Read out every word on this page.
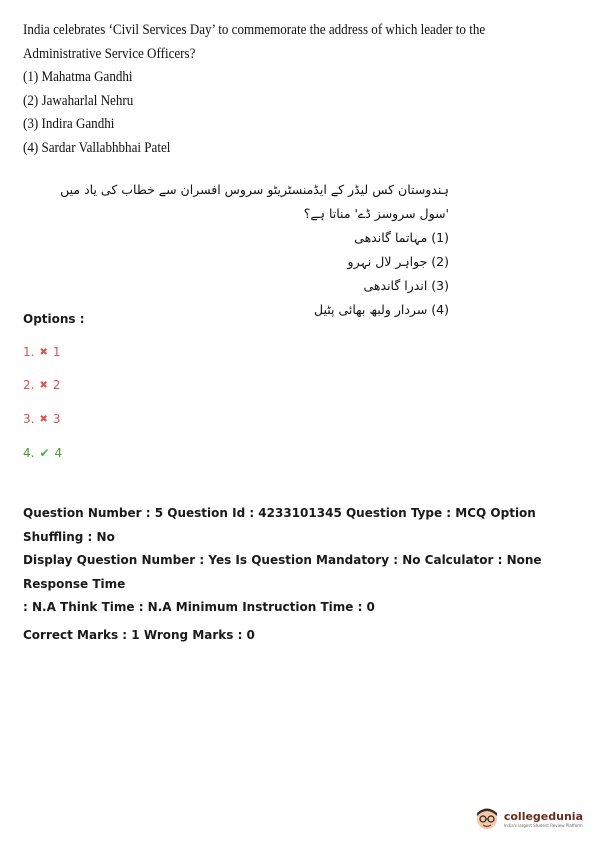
India celebrates ‘Civil Services Day’ to commemorate the address of which leader to the
Administrative Service Officers?
(1) Mahatma Gandhi
(2) Jawaharlal Nehru
(3) Indira Gandhi
(4) Sardar Vallabhbhai Patel
ہندوستان کس لیڈر کے ایڈمنسٹریٹو سروس افسران سے خطاب کی یاد میں 'سول سروسز ڈے' مناتا ہے؟
(1) مہاتما گاندھی
(2) جواہر لال نہرو
(3) اندرا گاندھی
(4) سردار ولبھ بھائی پٹیل
Options :
1. ✖ 1
2. ✖ 2
3. ✖ 3
4. ✔ 4
Question Number : 5 Question Id : 4233101345 Question Type : MCQ Option Shuffling : No
Display Question Number : Yes Is Question Mandatory : No Calculator : None Response Time
: N.A Think Time : N.A Minimum Instruction Time : 0
Correct Marks : 1 Wrong Marks : 0
collegedunia
India's largest Student Review Platform
